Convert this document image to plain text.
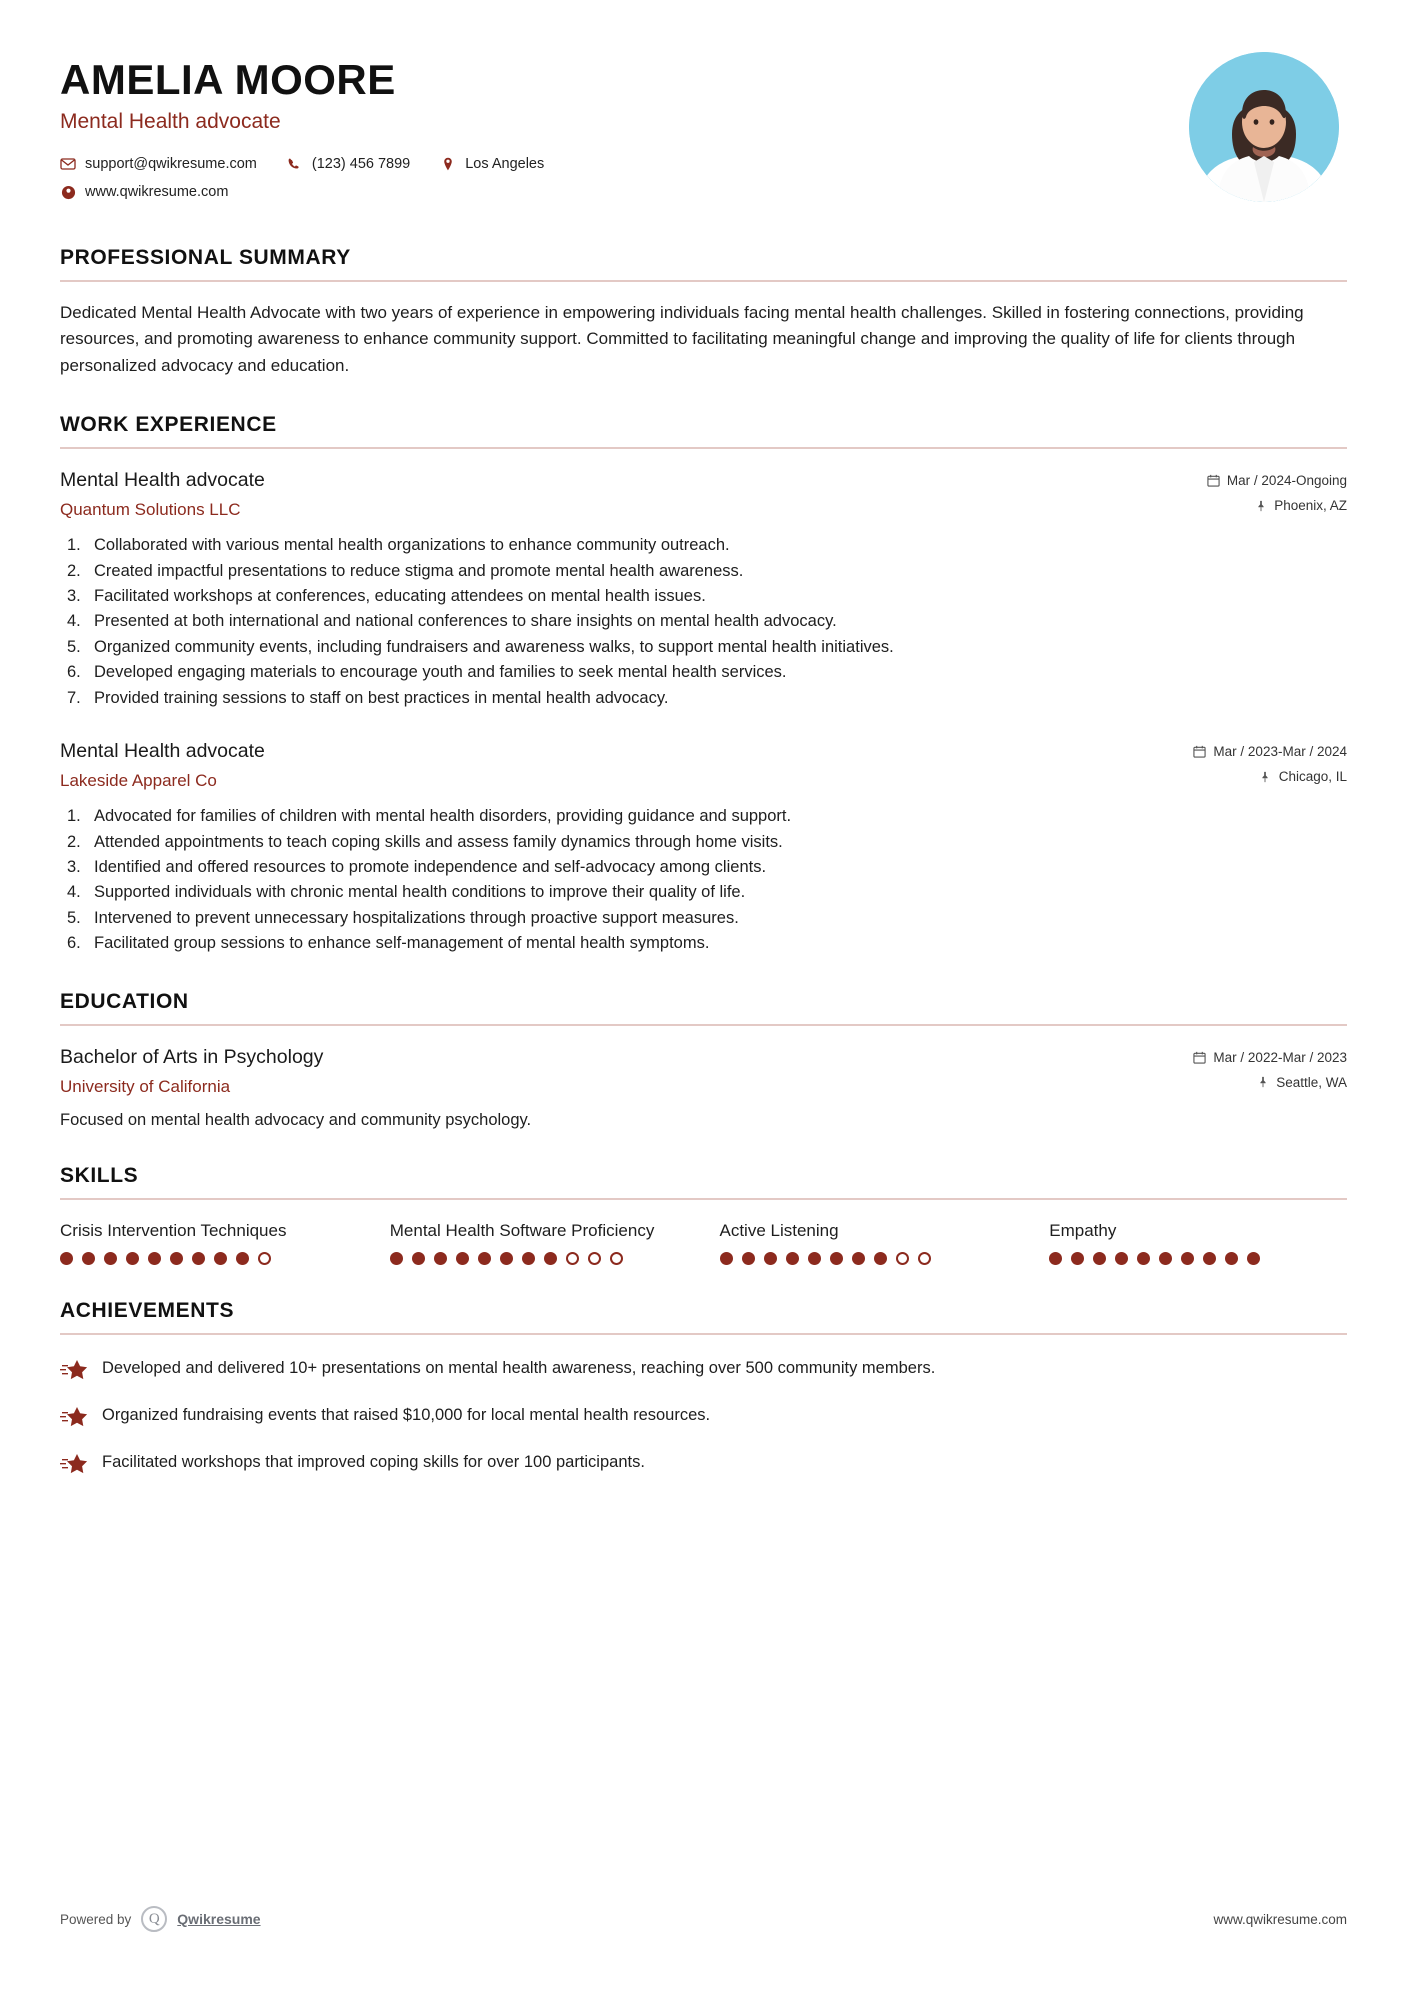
AMELIA MOORE
Mental Health advocate
support@qwikresume.com	(123) 456 7899	Los Angeles
www.qwikresume.com
PROFESSIONAL SUMMARY
Dedicated Mental Health Advocate with two years of experience in empowering individuals facing mental health challenges. Skilled in fostering connections, providing resources, and promoting awareness to enhance community support. Committed to facilitating meaningful change and improving the quality of life for clients through personalized advocacy and education.
WORK EXPERIENCE
Mental Health advocate
Quantum Solutions LLC
Mar / 2024-Ongoing
Phoenix, AZ
1. Collaborated with various mental health organizations to enhance community outreach.
2. Created impactful presentations to reduce stigma and promote mental health awareness.
3. Facilitated workshops at conferences, educating attendees on mental health issues.
4. Presented at both international and national conferences to share insights on mental health advocacy.
5. Organized community events, including fundraisers and awareness walks, to support mental health initiatives.
6. Developed engaging materials to encourage youth and families to seek mental health services.
7. Provided training sessions to staff on best practices in mental health advocacy.
Mental Health advocate
Lakeside Apparel Co
Mar / 2023-Mar / 2024
Chicago, IL
1. Advocated for families of children with mental health disorders, providing guidance and support.
2. Attended appointments to teach coping skills and assess family dynamics through home visits.
3. Identified and offered resources to promote independence and self-advocacy among clients.
4. Supported individuals with chronic mental health conditions to improve their quality of life.
5. Intervened to prevent unnecessary hospitalizations through proactive support measures.
6. Facilitated group sessions to enhance self-management of mental health symptoms.
EDUCATION
Bachelor of Arts in Psychology
University of California
Mar / 2022-Mar / 2023
Seattle, WA
Focused on mental health advocacy and community psychology.
SKILLS
Crisis Intervention Techniques	Mental Health Software Proficiency	Active Listening	Empathy
ACHIEVEMENTS
Developed and delivered 10+ presentations on mental health awareness, reaching over 500 community members.
Organized fundraising events that raised $10,000 for local mental health resources.
Facilitated workshops that improved coping skills for over 100 participants.
Powered by	Q	Qwikresume	www.qwikresume.com
